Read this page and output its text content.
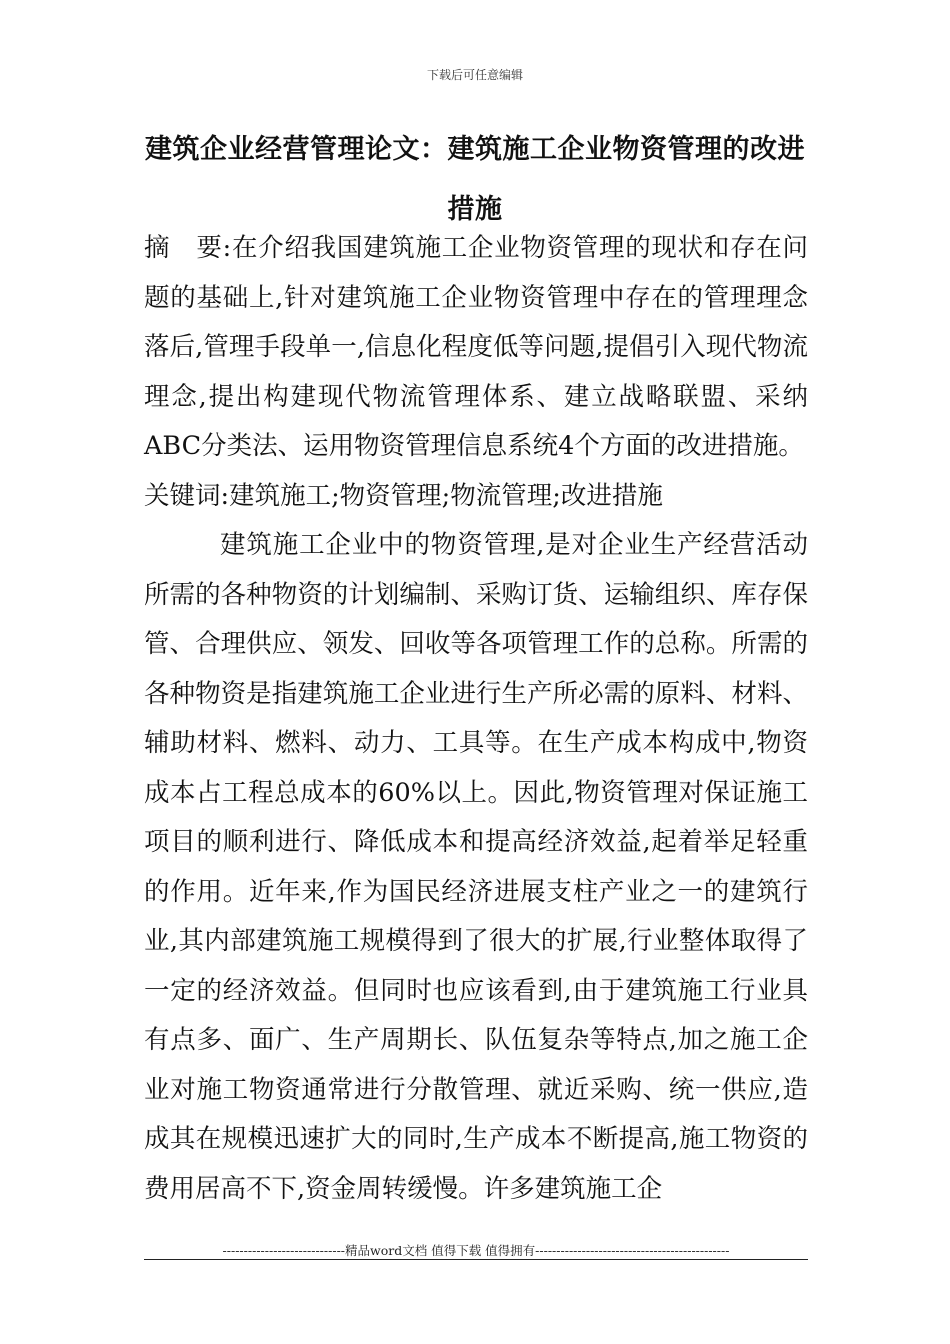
下载后可任意编辑
建筑企业经营管理论文：建筑施工企业物资管理的改进措施

摘　要:在介绍我国建筑施工企业物资管理的现状和存在问题的基础上,针对建筑施工企业物资管理中存在的管理理念落后,管理手段单一,信息化程度低等问题,提倡引入现代物流理念,提出构建现代物流管理体系、建立战略联盟、采纳ABC分类法、运用物资管理信息系统4个方面的改进措施。

关键词:建筑施工;物资管理;物流管理;改进措施

建筑施工企业中的物资管理,是对企业生产经营活动所需的各种物资的计划编制、采购订货、运输组织、库存保管、合理供应、领发、回收等各项管理工作的总称。所需的各种物资是指建筑施工企业进行生产所必需的原料、材料、辅助材料、燃料、动力、工具等。在生产成本构成中,物资成本占工程总成本的60%以上。因此,物资管理对保证施工项目的顺利进行、降低成本和提高经济效益,起着举足轻重的作用。近年来,作为国民经济进展支柱产业之一的建筑行业,其内部建筑施工规模得到了很大的扩展,行业整体取得了一定的经济效益。但同时也应该看到,由于建筑施工行业具有点多、面广、生产周期长、队伍复杂等特点,加之施工企业对施工物资通常进行分散管理、就近采购、统一供应,造成其在规模迅速扩大的同时,生产成本不断提高,施工物资的费用居高不下,资金周转缓慢。许多建筑施工企

-----------------------------精品word文档 值得下载 值得拥有----------------------------------------------
